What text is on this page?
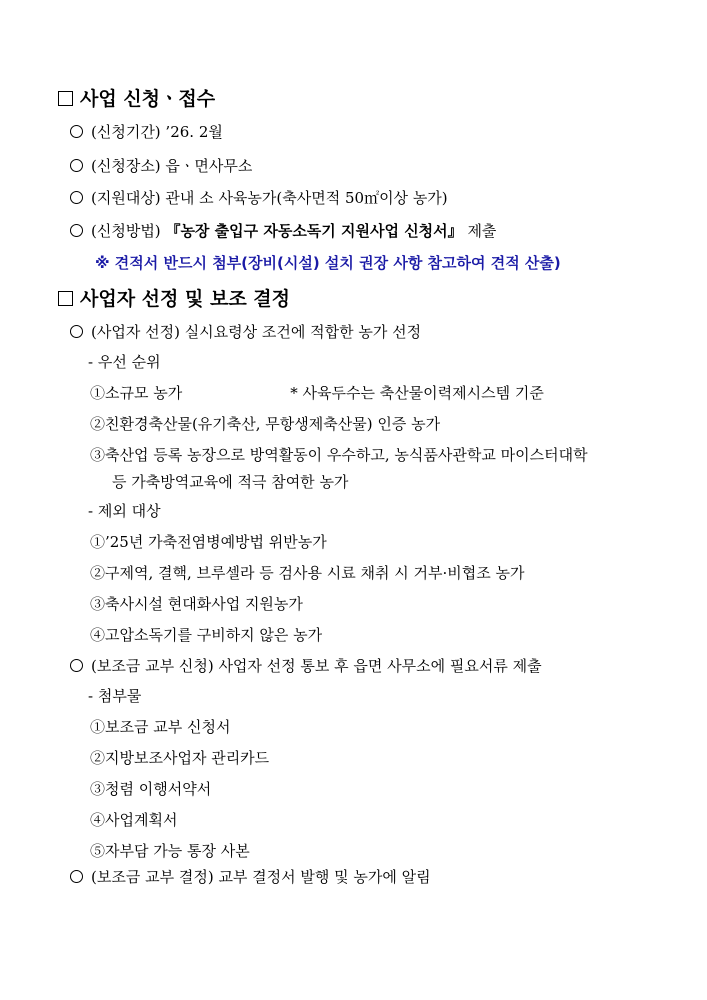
사업 신청ㆍ접수
(신청기간) ’26. 2월
(신청장소) 읍ㆍ면사무소
(지원대상) 관내 소 사육농가(축사면적 50㎡이상 농가)
(신청방법) 『농장 출입구 자동소독기 지원사업 신청서』 제출
※ 견적서 반드시 첨부(장비(시설) 설치 권장 사항 참고하여 견적 산출)
사업자 선정 및 보조 결정
(사업자 선정) 실시요령상 조건에 적합한 농가 선정
- 우선 순위
①소규모 농가	* 사육두수는 축산물이력제시스템 기준
②친환경축산물(유기축산, 무항생제축산물) 인증 농가
③축산업 등록 농장으로 방역활동이 우수하고, 농식품사관학교 마이스터대학
등 가축방역교육에 적극 참여한 농가
- 제외 대상
①’25년 가축전염병예방법 위반농가
②구제역, 결핵, 브루셀라 등 검사용 시료 채취 시 거부·비협조 농가
③축사시설 현대화사업 지원농가
④고압소독기를 구비하지 않은 농가
(보조금 교부 신청) 사업자 선정 통보 후 읍면 사무소에 필요서류 제출
- 첨부물
①보조금 교부 신청서
②지방보조사업자 관리카드
③청렴 이행서약서
④사업계획서
⑤자부담 가능 통장 사본
(보조금 교부 결정) 교부 결정서 발행 및 농가에 알림
